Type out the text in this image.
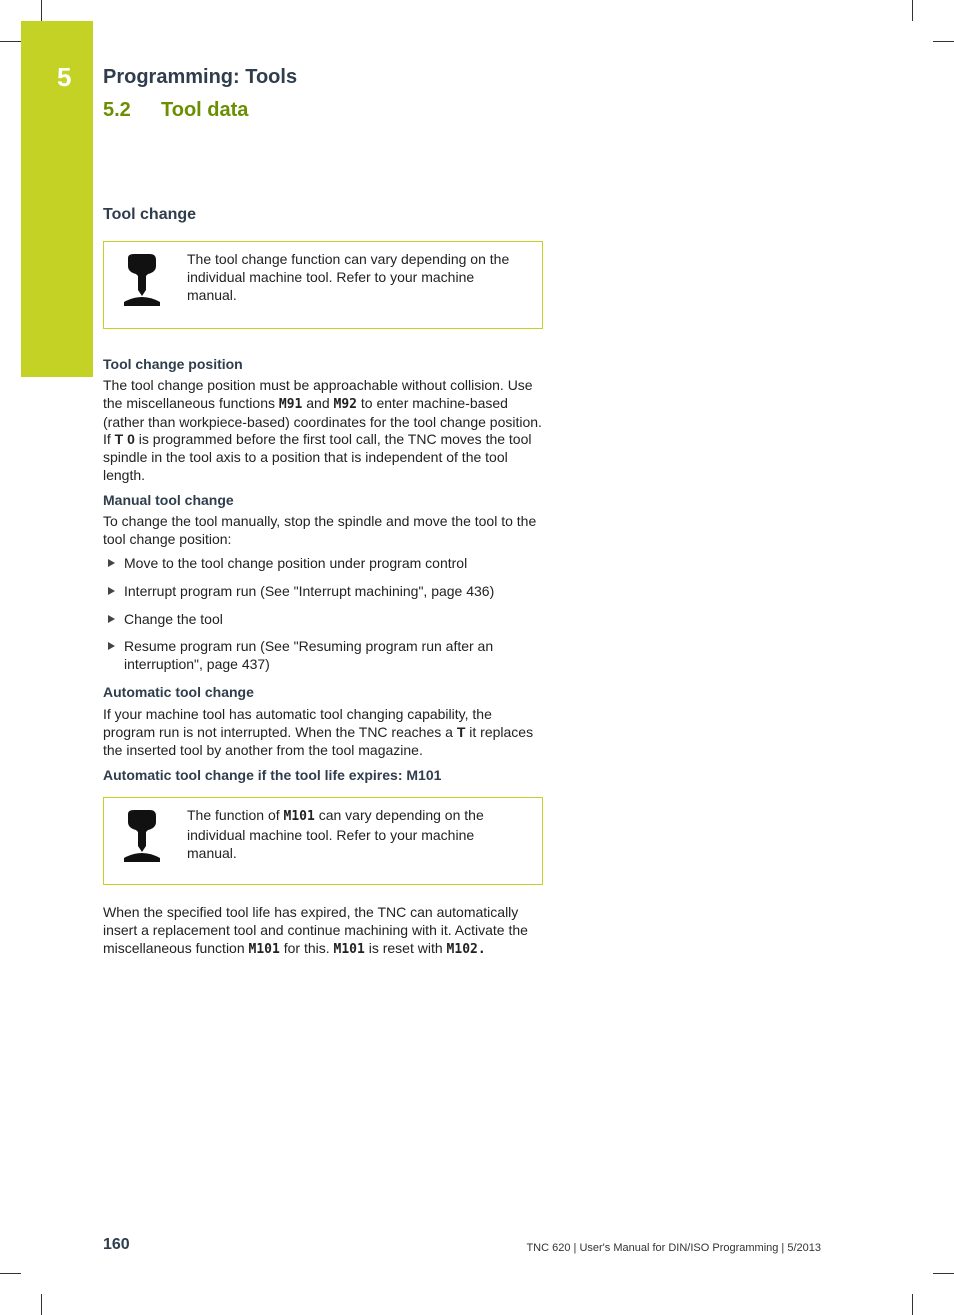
5 Programming: Tools
5.2 Tool data
Tool change
The tool change function can vary depending on the individual machine tool. Refer to your machine manual.
Tool change position
The tool change position must be approachable without collision. Use the miscellaneous functions M91 and M92 to enter machine-based (rather than workpiece-based) coordinates for the tool change position. If T 0 is programmed before the first tool call, the TNC moves the tool spindle in the tool axis to a position that is independent of the tool length.
Manual tool change
To change the tool manually, stop the spindle and move the tool to the tool change position:
Move to the tool change position under program control
Interrupt program run (See "Interrupt machining", page 436)
Change the tool
Resume program run (See "Resuming program run after an interruption", page 437)
Automatic tool change
If your machine tool has automatic tool changing capability, the program run is not interrupted. When the TNC reaches a T it replaces the inserted tool by another from the tool magazine.
Automatic tool change if the tool life expires: M101
The function of M101 can vary depending on the individual machine tool. Refer to your machine manual.
When the specified tool life has expired, the TNC can automatically insert a replacement tool and continue machining with it. Activate the miscellaneous function M101 for this. M101 is reset with M102.
160	TNC 620 | User's Manual for DIN/ISO Programming | 5/2013
